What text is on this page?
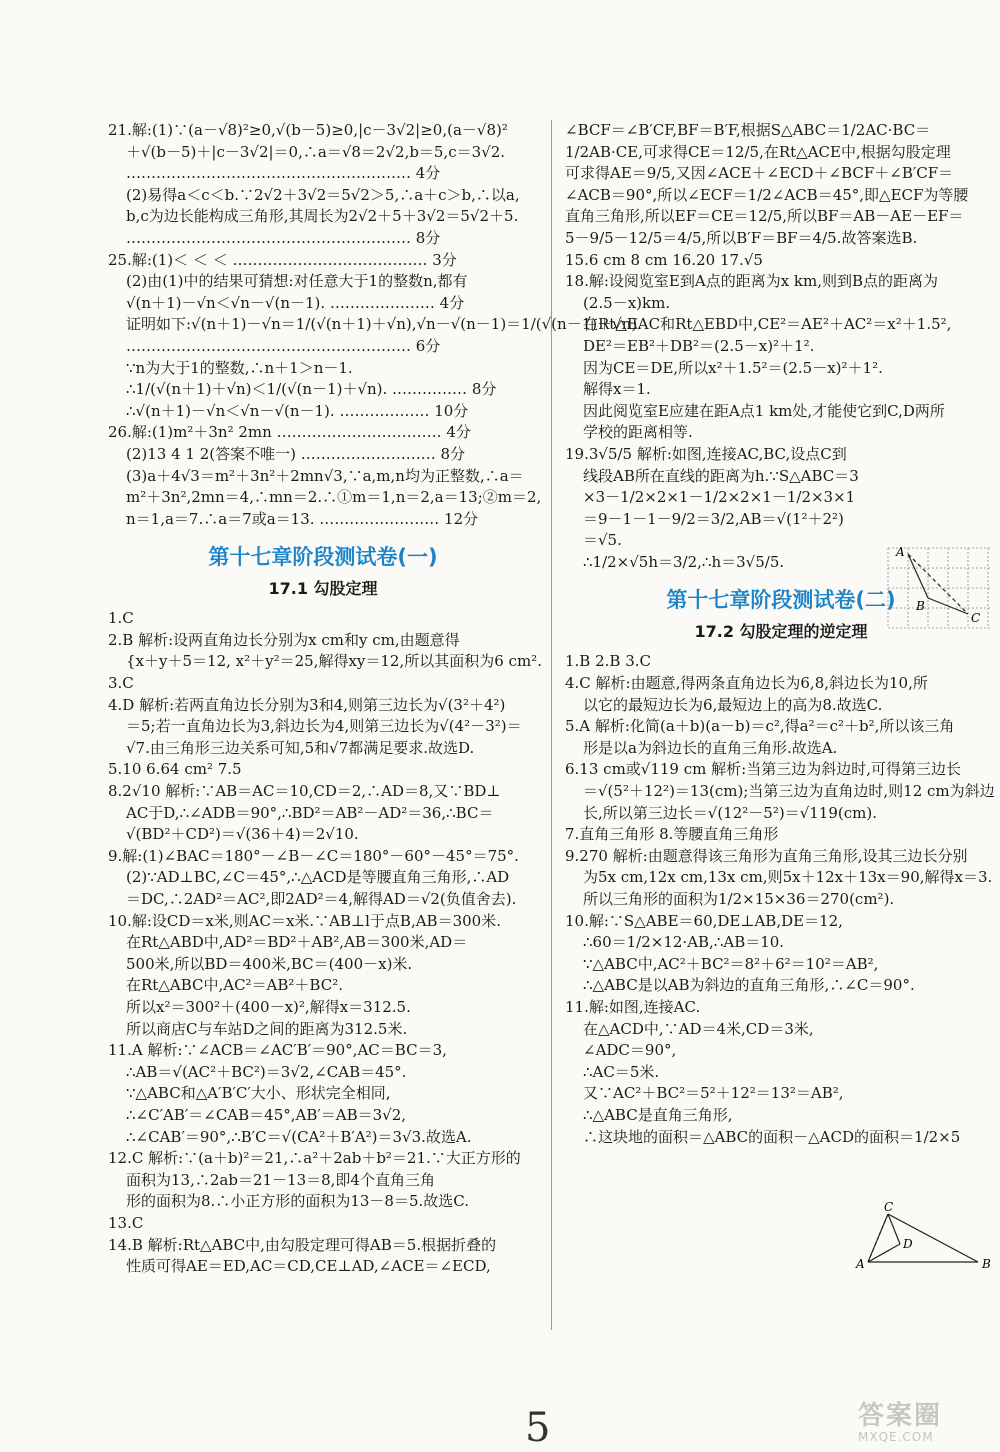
21.解:(1)∵(a－√8)²≥0,√(b－5)≥0,|c－3√2|≥0,(a－√8)²
＋√(b－5)＋|c－3√2|＝0,∴a＝√8＝2√2,b＝5,c＝3√2.
………………………………………………… 4分
(2)易得a＜c＜b.∵2√2＋3√2＝5√2＞5,∴a＋c＞b,∴以a,
b,c为边长能构成三角形,其周长为2√2＋5＋3√2＝5√2＋5.
………………………………………………… 8分
25.解:(1)＜ ＜ ＜ ………………………………… 3分
(2)由(1)中的结果可猜想:对任意大于1的整数n,都有
√(n＋1)－√n＜√n－√(n－1). ………………… 4分
证明如下:√(n＋1)－√n＝1/(√(n＋1)＋√n),√n－√(n－1)＝1/(√(n－1)＋√n).
………………………………………………… 6分
∵n为大于1的整数,∴n＋1＞n－1.
∴1/(√(n＋1)＋√n)＜1/(√(n－1)＋√n). …………… 8分
∴√(n＋1)－√n＜√n－√(n－1). ……………… 10分
26.解:(1)m²＋3n² 2mn …………………………… 4分
(2)13 4 1 2(答案不唯一) ……………………… 8分
(3)a＋4√3＝m²＋3n²＋2mn√3,∵a,m,n均为正整数,∴a＝
m²＋3n²,2mn＝4,∴mn＝2.∴①m＝1,n＝2,a＝13;②m＝2,
n＝1,a＝7.∴a＝7或a＝13. …………………… 12分
第十七章阶段测试卷(一)
17.1 勾股定理
1.C
2.B 解析:设两直角边长分别为x cm和y cm,由题意得
{x＋y＋5＝12, x²＋y²＝25,解得xy＝12,所以其面积为6 cm².
3.C
4.D 解析:若两直角边长分别为3和4,则第三边长为√(3²＋4²)
＝5;若一直角边长为3,斜边长为4,则第三边长为√(4²－3²)＝
√7.由三角形三边关系可知,5和√7都满足要求.故选D.
5.10 6.64 cm² 7.5
8.2√10 解析:∵AB＝AC＝10,CD＝2,∴AD＝8,又∵BD⊥
AC于D,∴∠ADB＝90°,∴BD²＝AB²－AD²＝36,∴BC＝
√(BD²＋CD²)＝√(36＋4)＝2√10.
9.解:(1)∠BAC＝180°－∠B－∠C＝180°－60°－45°＝75°.
(2)∵AD⊥BC,∠C＝45°,∴△ACD是等腰直角三角形,∴AD
＝DC,∴2AD²＝AC²,即2AD²＝4,解得AD＝√2(负值舍去).
10.解:设CD＝x米,则AC＝x米.∵AB⊥l于点B,AB＝300米.
在Rt△ABD中,AD²＝BD²＋AB²,AB＝300米,AD＝
500米,所以BD＝400米,BC＝(400－x)米.
在Rt△ABC中,AC²＝AB²＋BC².
所以x²＝300²＋(400－x)²,解得x＝312.5.
所以商店C与车站D之间的距离为312.5米.
11.A 解析:∵∠ACB＝∠AC′B′＝90°,AC＝BC＝3,
∴AB＝√(AC²＋BC²)＝3√2,∠CAB＝45°.
∵△ABC和△A′B′C′大小、形状完全相同,
∴∠C′AB′＝∠CAB＝45°,AB′＝AB＝3√2,
∴∠CAB′＝90°,∴B′C＝√(CA²＋B′A²)＝3√3.故选A.
12.C 解析:∵(a＋b)²＝21,∴a²＋2ab＋b²＝21.∵大正方形的
面积为13,∴2ab＝21－13＝8,即4个直角三角
形的面积为8.∴小正方形的面积为13－8＝5.故选C.
13.C
14.B 解析:Rt△ABC中,由勾股定理可得AB＝5.根据折叠的
性质可得AE＝ED,AC＝CD,CE⊥AD,∠ACE＝∠ECD,
∠BCF＝∠B′CF,BF＝B′F,根据S△ABC＝1/2AC·BC＝
1/2AB·CE,可求得CE＝12/5,在Rt△ACE中,根据勾股定理
可求得AE＝9/5,又因∠ACE＋∠ECD＋∠BCF＋∠B′CF＝
∠ACB＝90°,所以∠ECF＝1/2∠ACB＝45°,即△ECF为等腰
直角三角形,所以EF＝CE＝12/5,所以BF＝AB－AE－EF＝
5－9/5－12/5＝4/5,所以B′F＝BF＝4/5.故答案选B.
15.6 cm 8 cm 16.20 17.√5
18.解:设阅览室E到A点的距离为x km,则到B点的距离为
(2.5－x)km.
在Rt△EAC和Rt△EBD中,CE²＝AE²＋AC²＝x²＋1.5²,
DE²＝EB²＋DB²＝(2.5－x)²＋1².
因为CE＝DE,所以x²＋1.5²＝(2.5－x)²＋1².
解得x＝1.
因此阅览室E应建在距A点1 km处,才能使它到C,D两所
学校的距离相等.
19.3√5/5 解析:如图,连接AC,BC,设点C到
线段AB所在直线的距离为h.∵S△ABC＝3
×3－1/2×2×1－1/2×2×1－1/2×3×1
＝9－1－1－9/2＝3/2,AB＝√(1²＋2²)
＝√5.
∴1/2×√5h＝3/2,∴h＝3√5/5.
第十七章阶段测试卷(二)
17.2 勾股定理的逆定理
1.B 2.B 3.C
4.C 解析:由题意,得两条直角边长为6,8,斜边长为10,所
以它的最短边长为6,最短边上的高为8.故选C.
5.A 解析:化简(a＋b)(a－b)＝c²,得a²＝c²＋b²,所以该三角
形是以a为斜边长的直角三角形.故选A.
6.13 cm或√119 cm 解析:当第三边为斜边时,可得第三边长
＝√(5²＋12²)＝13(cm);当第三边为直角边时,则12 cm为斜边
长,所以第三边长＝√(12²－5²)＝√119(cm).
7.直角三角形 8.等腰直角三角形
9.270 解析:由题意得该三角形为直角三角形,设其三边长分别
为5x cm,12x cm,13x cm,则5x＋12x＋13x＝90,解得x＝3.
所以三角形的面积为1/2×15×36＝270(cm²).
10.解:∵S△ABE＝60,DE⊥AB,DE＝12,
∴60＝1/2×12·AB,∴AB＝10.
∵△ABC中,AC²＋BC²＝8²＋6²＝10²＝AB²,
∴△ABC是以AB为斜边的直角三角形,∴∠C＝90°.
11.解:如图,连接AC.
在△ACD中,∵AD＝4米,CD＝3米,
∠ADC＝90°,
∴AC＝5米.
又∵AC²＋BC²＝5²＋12²＝13²＝AB²,
∴△ABC是直角三角形,
∴这块地的面积＝△ABC的面积－△ACD的面积＝1/2×5
A
B
C
C
D
A	B
5	答案圈
MXQE.COM
